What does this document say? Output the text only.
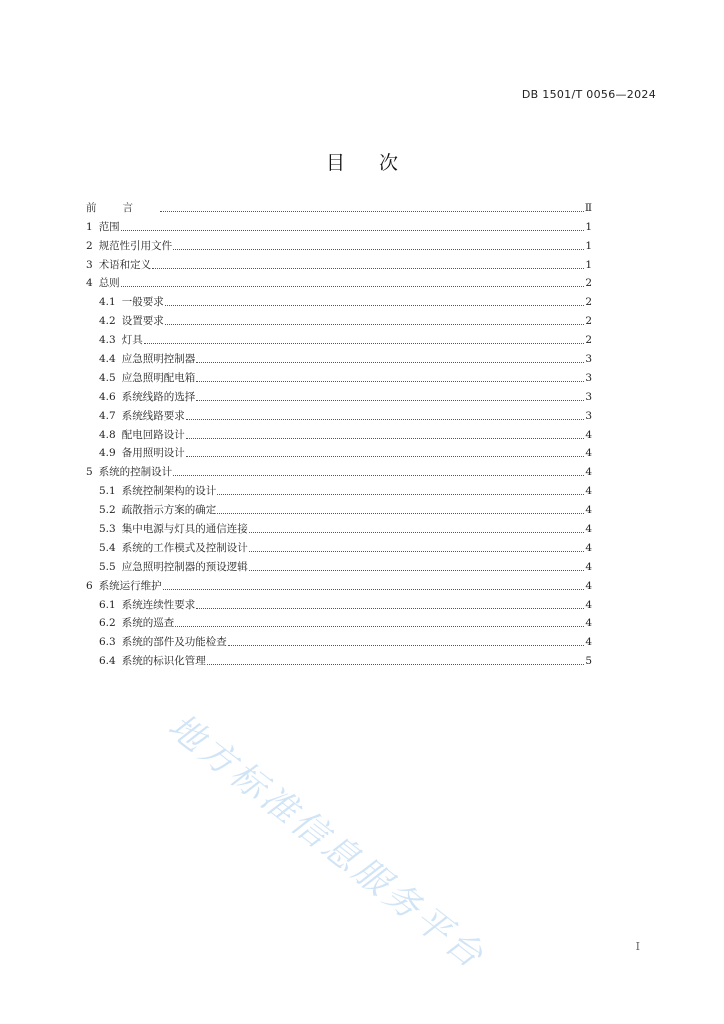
DB 1501/T 0056—2024
目次
前言	Ⅱ
1 范围	1
2 规范性引用文件	1
3 术语和定义	1
4 总则	2
4.1 一般要求	2
4.2 设置要求	2
4.3 灯具	2
4.4 应急照明控制器	3
4.5 应急照明配电箱	3
4.6 系统线路的选择	3
4.7 系统线路要求	3
4.8 配电回路设计	4
4.9 备用照明设计	4
5 系统的控制设计	4
5.1 系统控制架构的设计	4
5.2 疏散指示方案的确定	4
5.3 集中电源与灯具的通信连接	4
5.4 系统的工作模式及控制设计	4
5.5 应急照明控制器的预设逻辑	4
6 系统运行维护	4
6.1 系统连续性要求	4
6.2 系统的巡查	4
6.3 系统的部件及功能检查	4
6.4 系统的标识化管理	5
地方标准信息服务平台	I
